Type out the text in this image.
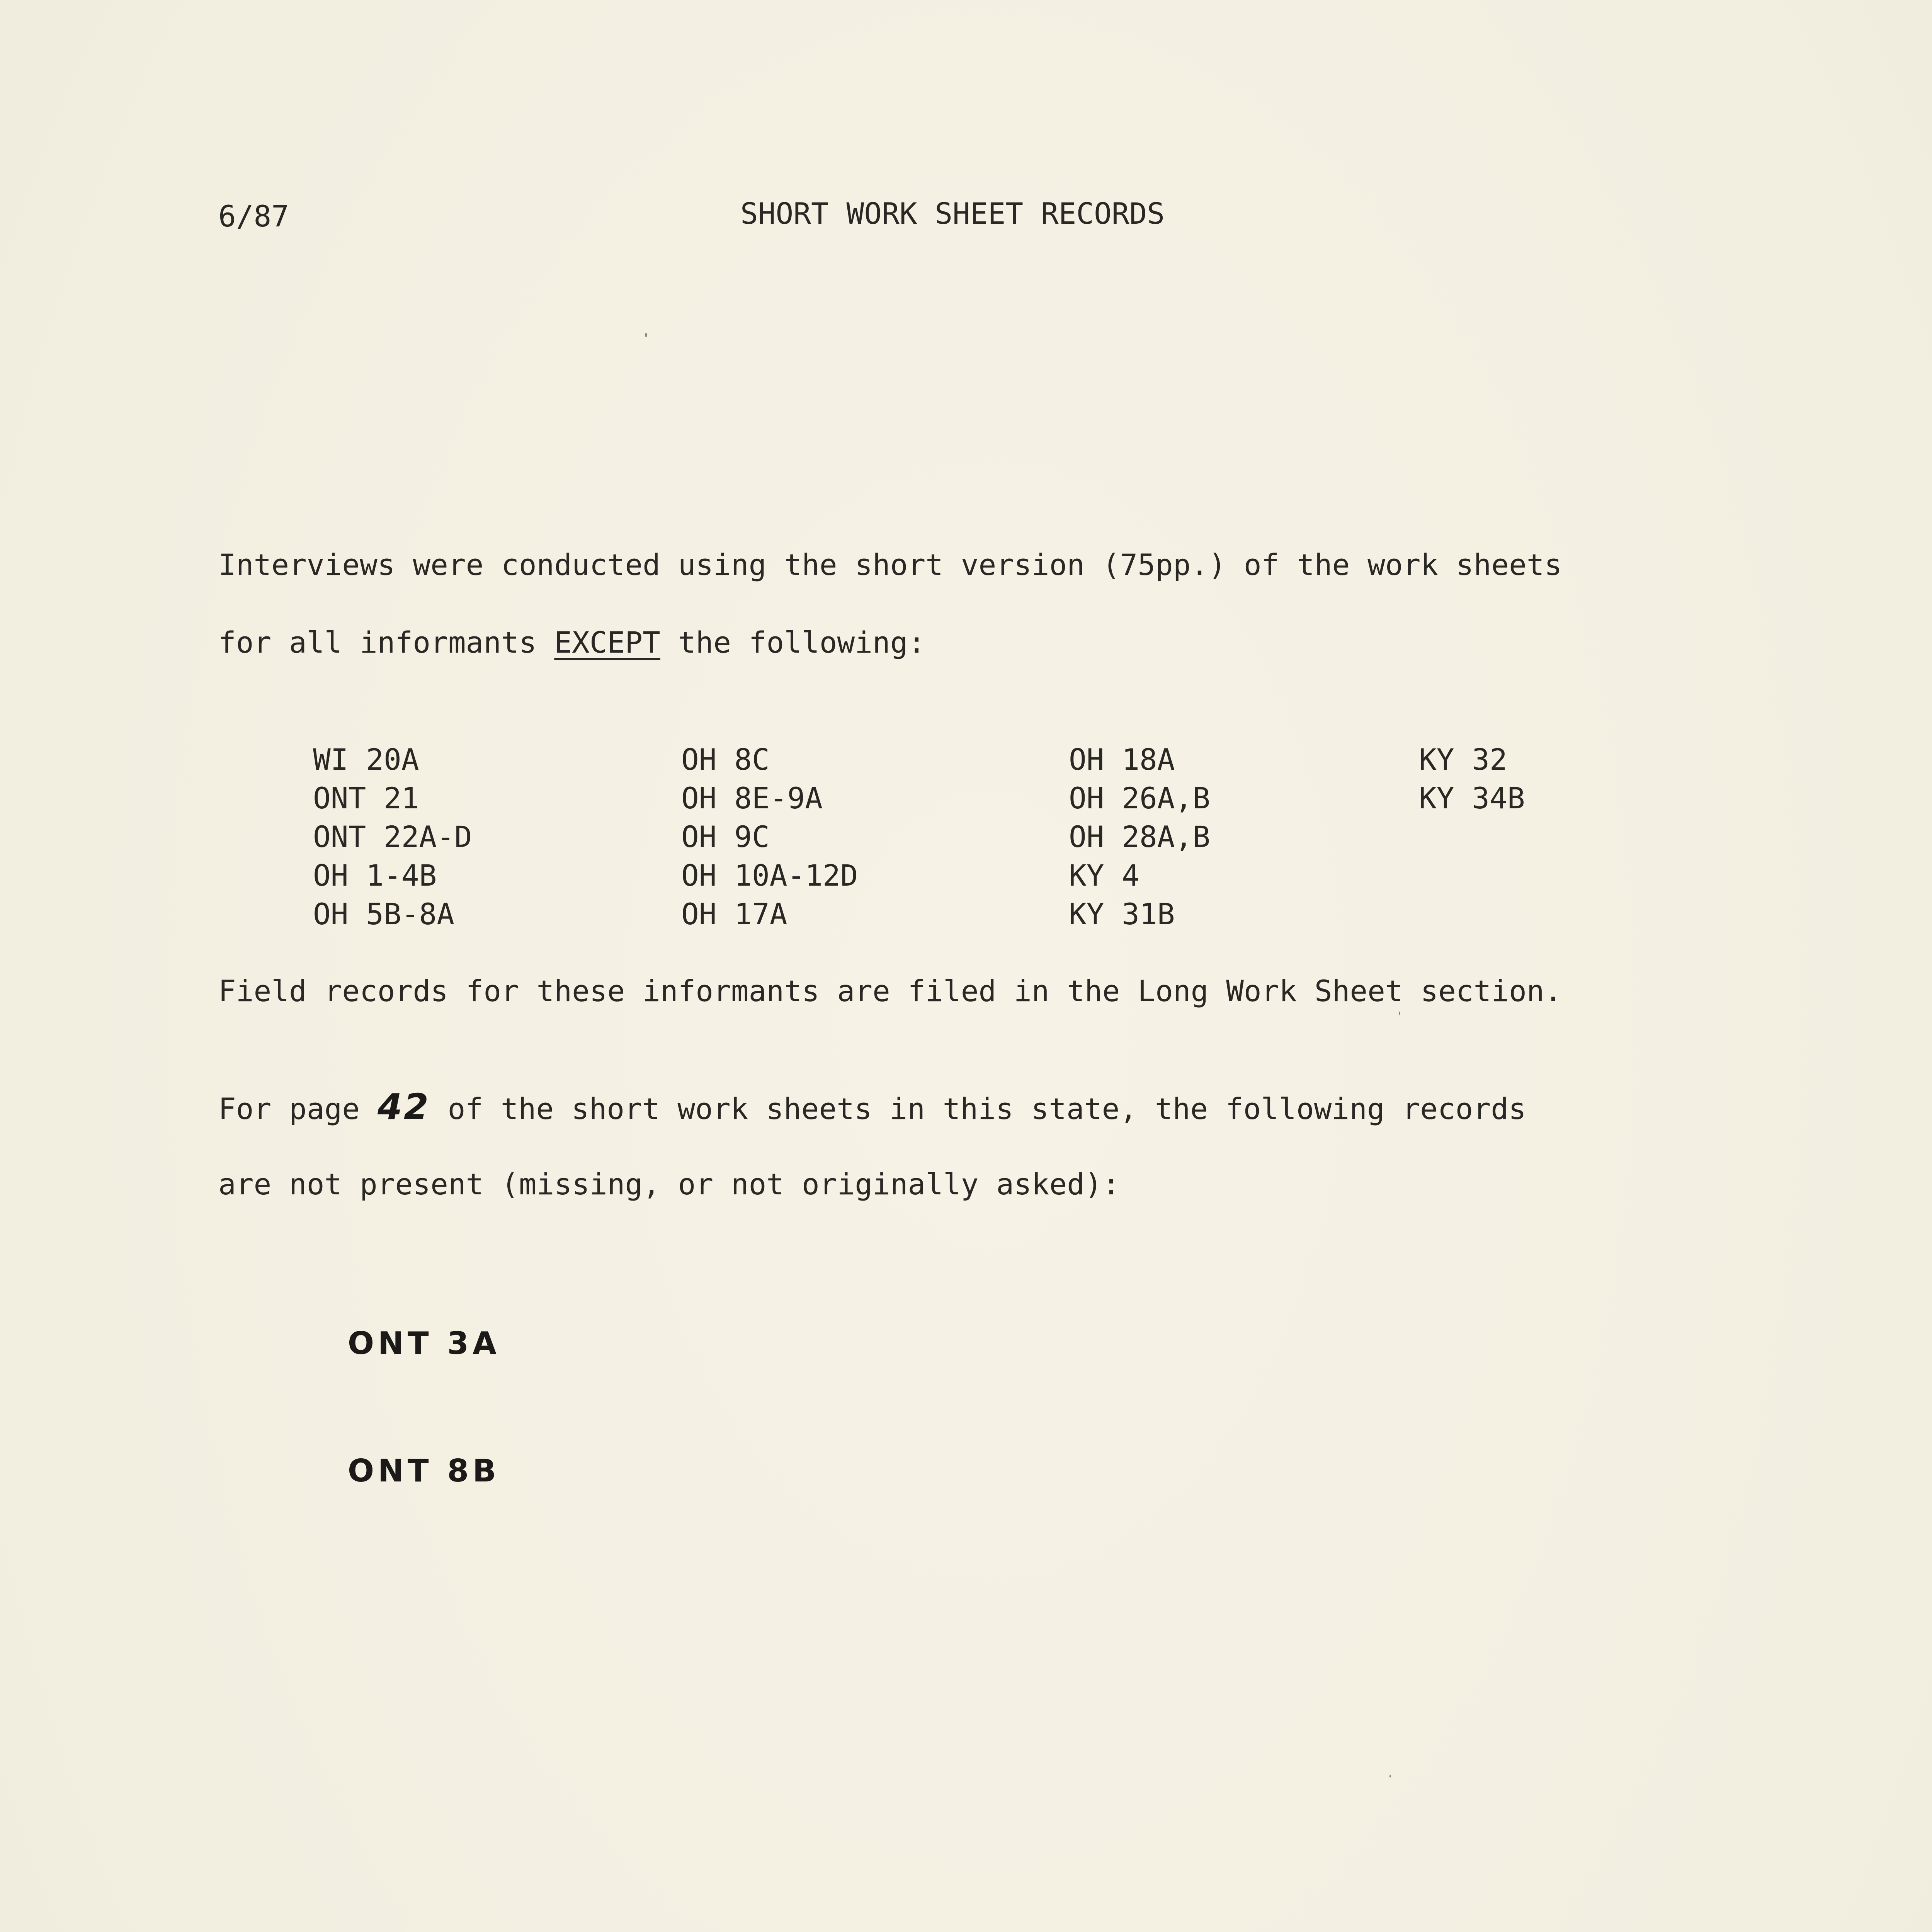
6/87	SHORT WORK SHEET RECORDS
Interviews were conducted using the short version (75pp.) of the work sheets
for all informants EXCEPT the following:
WI 20A
ONT 21
ONT 22A-D
OH 1-4B
OH 5B-8A
OH 8C
OH 8E-9A
OH 9C
OH 10A-12D
OH 17A
OH 18A
OH 26A,B
OH 28A,B
KY 4
KY 31B
KY 32
KY 34B
Field records for these informants are filed in the Long Work Sheet section.
For page 42 of the short work sheets in this state, the following records
are not present (missing, or not originally asked):
ONT 3A
ONT 8B
